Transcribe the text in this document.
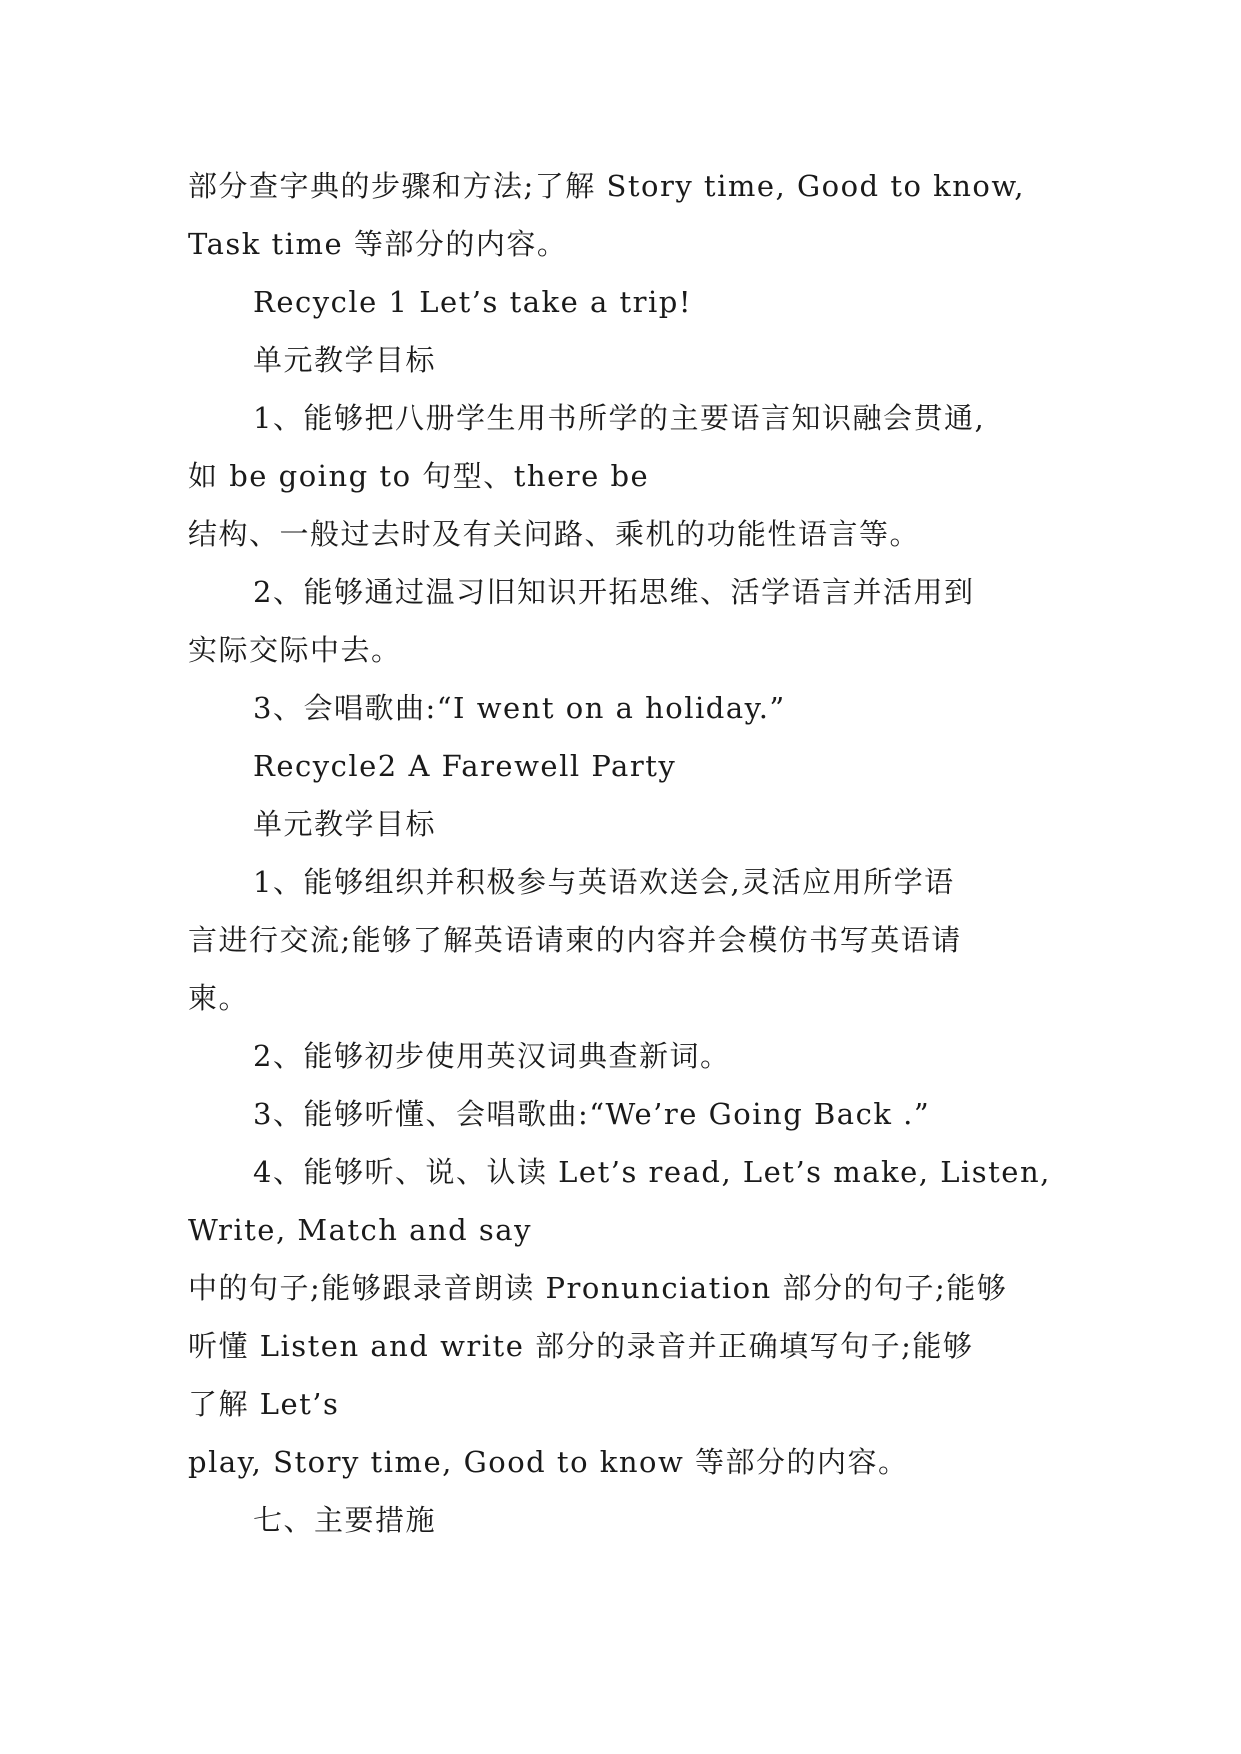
部分查字典的步骤和方法;了解 Story time, Good to know,
Task time 等部分的内容。
Recycle 1 Let’s take a trip!
单元教学目标
1、能够把八册学生用书所学的主要语言知识融会贯通,
如 be going to 句型、there be
结构、一般过去时及有关问路、乘机的功能性语言等。
2、能够通过温习旧知识开拓思维、活学语言并活用到
实际交际中去。
3、会唱歌曲:“I went on a holiday.”
Recycle2 A Farewell Party
单元教学目标
1、能够组织并积极参与英语欢送会,灵活应用所学语
言进行交流;能够了解英语请柬的内容并会模仿书写英语请
柬。
2、能够初步使用英汉词典查新词。
3、能够听懂、会唱歌曲:“We’re Going Back .”
4、能够听、说、认读 Let’s read, Let’s make, Listen,
Write, Match and say
中的句子;能够跟录音朗读 Pronunciation 部分的句子;能够
听懂 Listen and write 部分的录音并正确填写句子;能够
了解 Let’s
play, Story time, Good to know 等部分的内容。
七、主要措施
